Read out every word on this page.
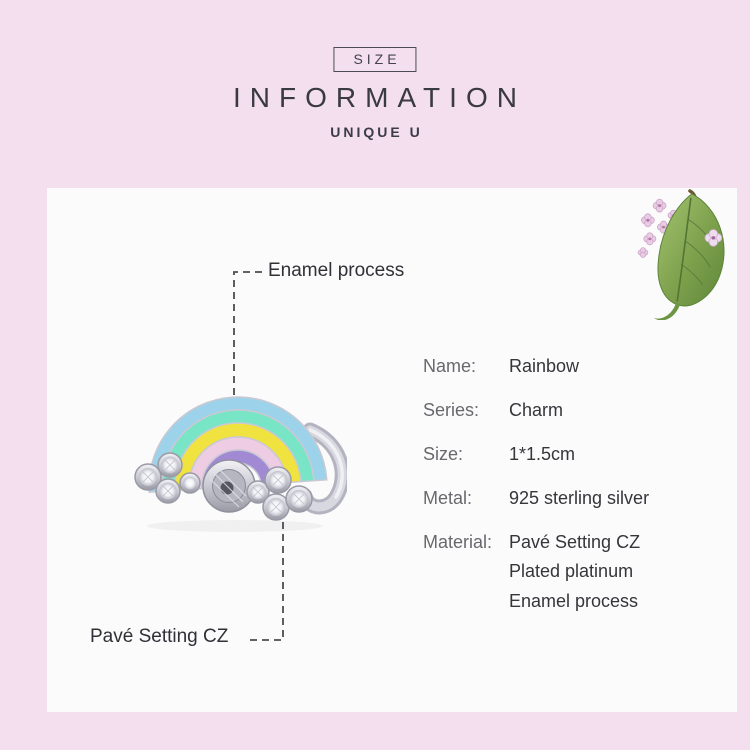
SIZE
INFORMATION
UNIQUE U
Enamel process
Pavé Setting CZ
Name:	Rainbow
Series:	Charm
Size:	1*1.5cm
Metal:	925 sterling silver
Material: Pavé Setting CZ
Plated platinum
Enamel process
